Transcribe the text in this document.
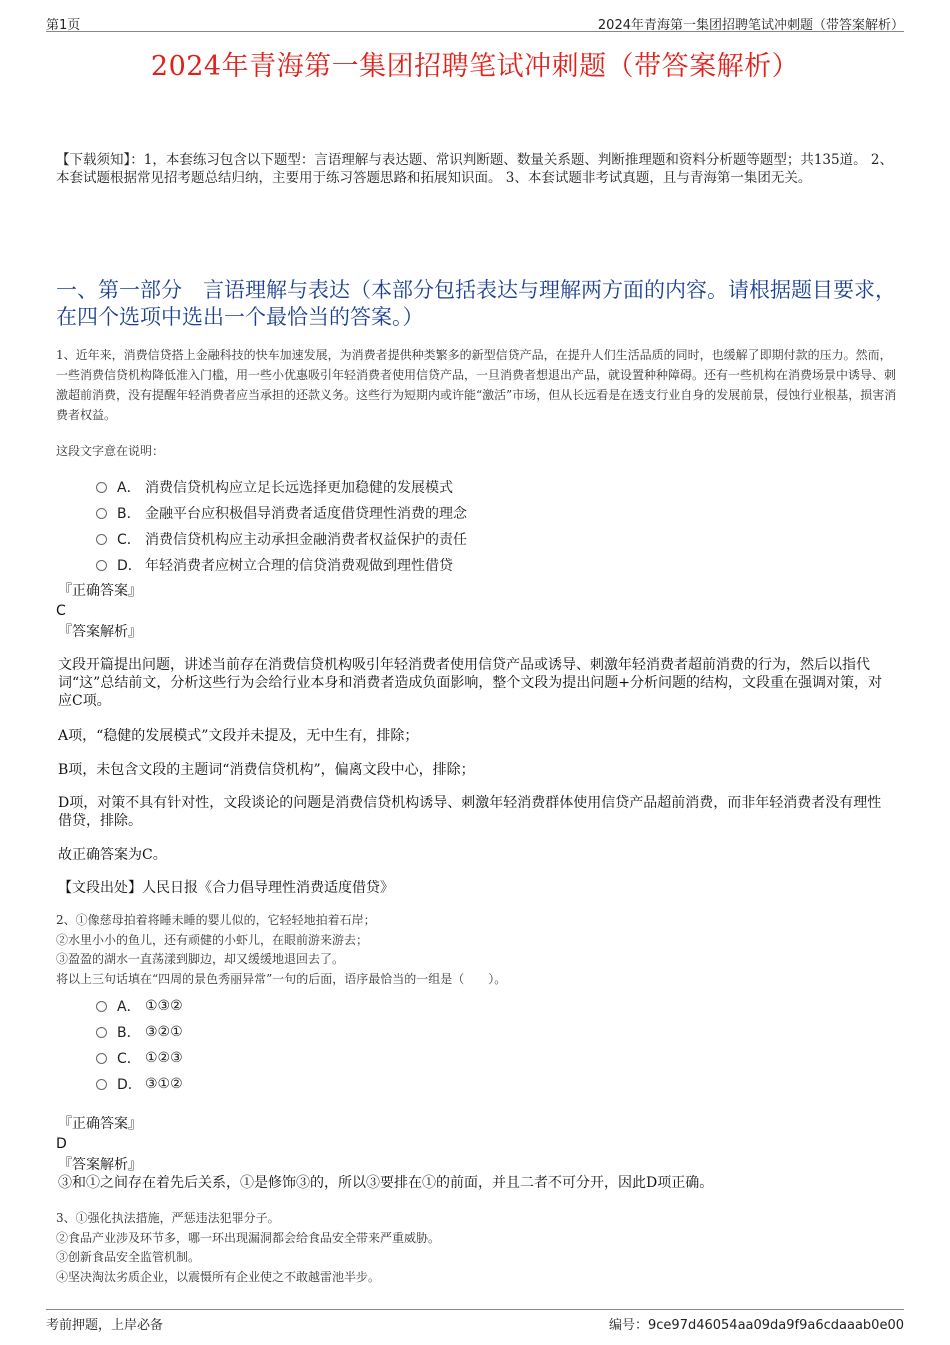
第1页	2024年青海第一集团招聘笔试冲刺题（带答案解析）
2024年青海第一集团招聘笔试冲刺题（带答案解析）
【下载须知】：1，本套练习包含以下题型：言语理解与表达题、常识判断题、数量关系题、判断推理题和资料分析题等题型；共135道。 2、本套试题根据常见招考题总结归纳，主要用于练习答题思路和拓展知识面。 3、本套试题非考试真题，且与青海第一集团无关。
一、第一部分　言语理解与表达（本部分包括表达与理解两方面的内容。请根据题目要求，在四个选项中选出一个最恰当的答案。）
1、近年来，消费信贷搭上金融科技的快车加速发展，为消费者提供种类繁多的新型信贷产品，在提升人们生活品质的同时，也缓解了即期付款的压力。然而，一些消费信贷机构降低准入门槛，用一些小优惠吸引年轻消费者使用信贷产品，一旦消费者想退出产品，就设置种种障碍。还有一些机构在消费场景中诱导、刺激超前消费，没有提醒年轻消费者应当承担的还款义务。这些行为短期内或许能“激活”市场，但从长远看是在透支行业自身的发展前景，侵蚀行业根基，损害消费者权益。
这段文字意在说明：
A． 消费信贷机构应立足长远选择更加稳健的发展模式
B． 金融平台应积极倡导消费者适度借贷理性消费的理念
C． 消费信贷机构应主动承担金融消费者权益保护的责任
D． 年轻消费者应树立合理的信贷消费观做到理性借贷
『正确答案』
C
『答案解析』
文段开篇提出问题，讲述当前存在消费信贷机构吸引年轻消费者使用信贷产品或诱导、刺激年轻消费者超前消费的行为，然后以指代词“这”总结前文，分析这些行为会给行业本身和消费者造成负面影响，整个文段为提出问题+分析问题的结构，文段重在强调对策，对应C项。
A项，“稳健的发展模式”文段并未提及，无中生有，排除；
B项，未包含文段的主题词“消费信贷机构”，偏离文段中心，排除；
D项，对策不具有针对性，文段谈论的问题是消费信贷机构诱导、刺激年轻消费群体使用信贷产品超前消费，而非年轻消费者没有理性借贷，排除。
故正确答案为C。
【文段出处】人民日报《合力倡导理性消费适度借贷》
2、①像慈母拍着将睡未睡的婴儿似的，它轻轻地拍着石岸；
②水里小小的鱼儿，还有顽健的小虾儿，在眼前游来游去；
③盈盈的湖水一直荡漾到脚边，却又缓缓地退回去了。
将以上三句话填在“四周的景色秀丽异常”一句的后面，语序最恰当的一组是（　　）。
A． ①③②
B． ③②①
C． ①②③
D． ③①②
『正确答案』
D
『答案解析』
③和①之间存在着先后关系，①是修饰③的，所以③要排在①的前面，并且二者不可分开，因此D项正确。
3、①强化执法措施，严惩违法犯罪分子。
②食品产业涉及环节多，哪一环出现漏洞都会给食品安全带来严重威胁。
③创新食品安全监管机制。
④坚决淘汰劣质企业，以震慑所有企业使之不敢越雷池半步。
考前押题，上岸必备	编号：9ce97d46054aa09da9f9a6cdaaab0e00
